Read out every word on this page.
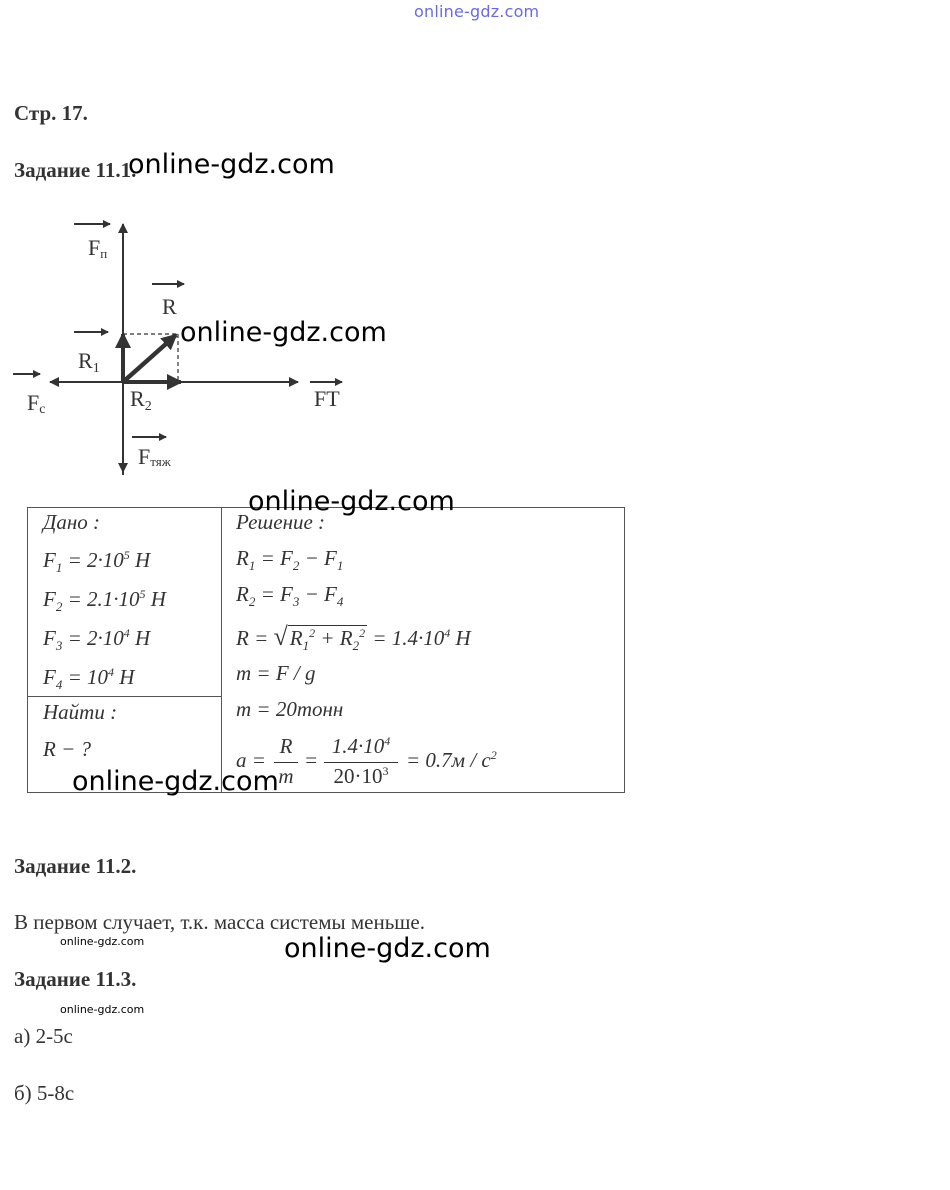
online-gdz.com
Стр. 17.
Задание 11.1.
online-gdz.com
Fп
R
R1
Fс	R2	FT
Fтяж
online-gdz.com
Дано :
$F_1 = 2\cdot 10^5$ H
$F_2 = 2.1\cdot 10^5$ H
$F_3 = 2\cdot 10^4$ H
$F_4 = 10^4$ H
Найти :
R − ?
Решение :
$R_1 = F_2 - F_1$
$R_2 = F_3 - F_4$
$R = √R_1^2 + R_2^2 = 1.4\cdot 10^4$ H
m = F / g
m = 20тонн
a =
R
m
=
$1.4\cdot 10^4$
$20\cdot 10^3 = 0.7м / с^2$
online-gdz.com
online-gdz.com
Задание 11.2.
В первом случает, т.к. масса системы меньше.
online-gdz.com	online-gdz.com
Задание 11.3.
online-gdz.com
а) 2-5с
б) 5-8с
